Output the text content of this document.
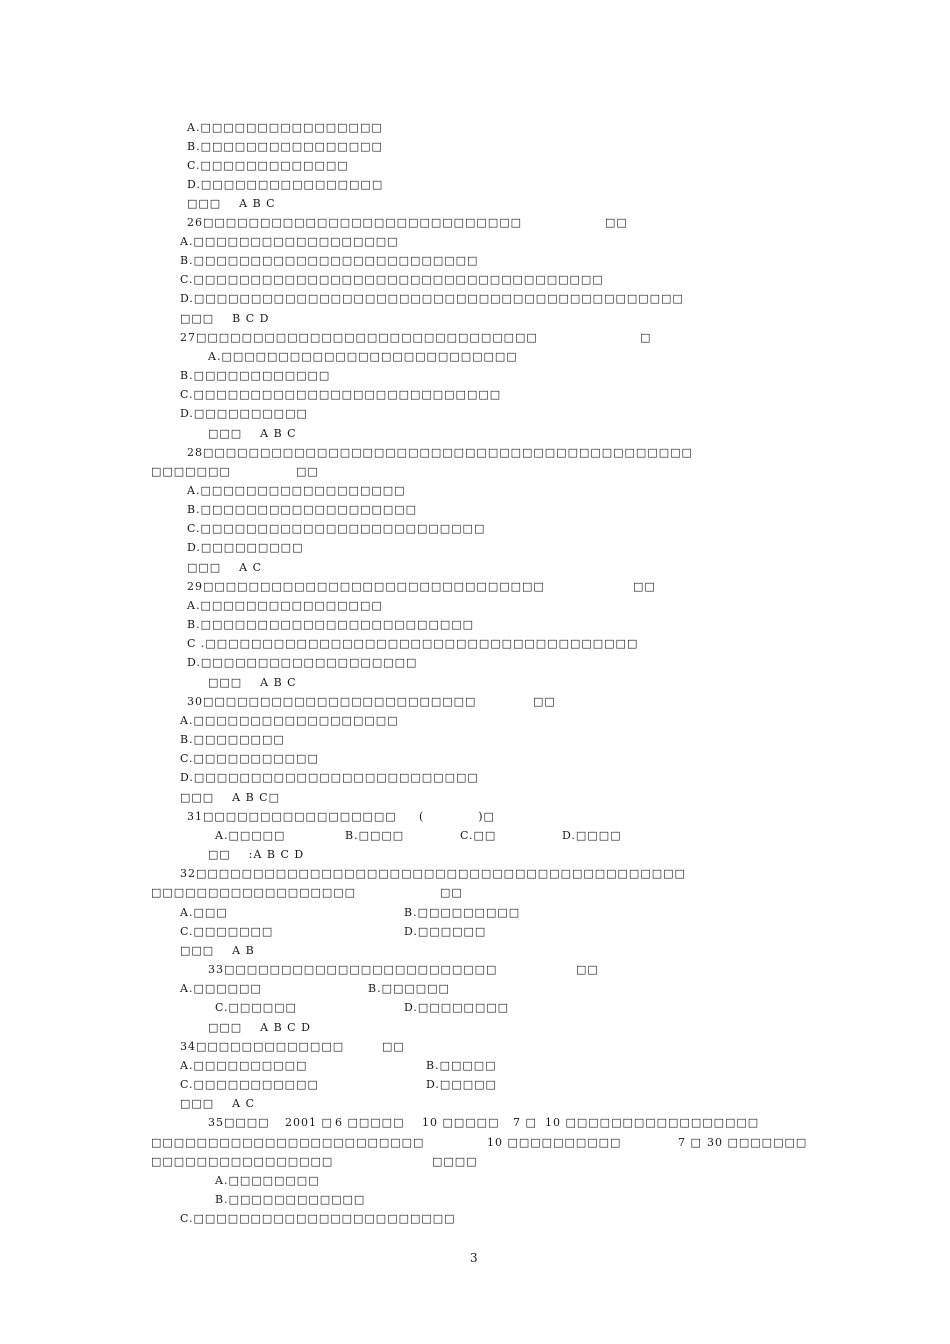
A.□□□□□□□□□□□□□□□□
B.□□□□□□□□□□□□□□□□
C.□□□□□□□□□□□□□
D.□□□□□□□□□□□□□□□□
□□□    A B C
26□□□□□□□□□□□□□□□□□□□□□□□□□□□□	□□
A.□□□□□□□□□□□□□□□□□□
B.□□□□□□□□□□□□□□□□□□□□□□□□□
C.□□□□□□□□□□□□□□□□□□□□□□□□□□□□□□□□□□□□
D.□□□□□□□□□□□□□□□□□□□□□□□□□□□□□□□□□□□□□□□□□□□
□□□    B C D
27□□□□□□□□□□□□□□□□□□□□□□□□□□□□□□	□
A.□□□□□□□□□□□□□□□□□□□□□□□□□□
B.□□□□□□□□□□□□
C.□□□□□□□□□□□□□□□□□□□□□□□□□□□
D.□□□□□□□□□□
□□□    A B C
28□□□□□□□□□□□□□□□□□□□□□□□□□□□□□□□□□□□□□□□□□□□
□□□□□□□	□□
A.□□□□□□□□□□□□□□□□□□
B.□□□□□□□□□□□□□□□□□□□
C.□□□□□□□□□□□□□□□□□□□□□□□□□
D.□□□□□□□□□
□□□    A C
29□□□□□□□□□□□□□□□□□□□□□□□□□□□□□□	□□
A.□□□□□□□□□□□□□□□□
B.□□□□□□□□□□□□□□□□□□□□□□□□
C .□□□□□□□□□□□□□□□□□□□□□□□□□□□□□□□□□□□□□□
D.□□□□□□□□□□□□□□□□□□□
□□□    A B C
30□□□□□□□□□□□□□□□□□□□□□□□□	□□
A.□□□□□□□□□□□□□□□□□□
B.□□□□□□□□
C.□□□□□□□□□□□
D.□□□□□□□□□□□□□□□□□□□□□□□□□
□□□    A B C□
31□□□□□□□□□□□□□□□□□ (            )□
A.□□□□□	B.□□□□	C.□□	D.□□□□
□□    :A B C D
32□□□□□□□□□□□□□□□□□□□□□□□□□□□□□□□□□□□□□□□□□□□
□□□□□□□□□□□□□□□□□□	□□
A.□□□	B.□□□□□□□□□
C.□□□□□□□	D.□□□□□□
□□□    A B
33□□□□□□□□□□□□□□□□□□□□□□□□	□□
A.□□□□□□	B.□□□□□□
C.□□□□□□	D.□□□□□□□□
□□□    A B C D
34□□□□□□□□□□□□□	□□
A.□□□□□□□□□□	B.□□□□□
C.□□□□□□□□□□□	D.□□□□□
□□□    A C
35□□□□ 2001 □ 6 □□□□□ 10 □□□□□ 7 □ 10 □□□□□□□□□□□□□□□□□
□□□□□□□□□□□□□□□□□□□□□□□□	10 □□□□□□□□□□	7 □ 30 □□□□□□□
□□□□□□□□□□□□□□□□	□□□□
A.□□□□□□□□
B.□□□□□□□□□□□□
C.□□□□□□□□□□□□□□□□□□□□□□□
3
